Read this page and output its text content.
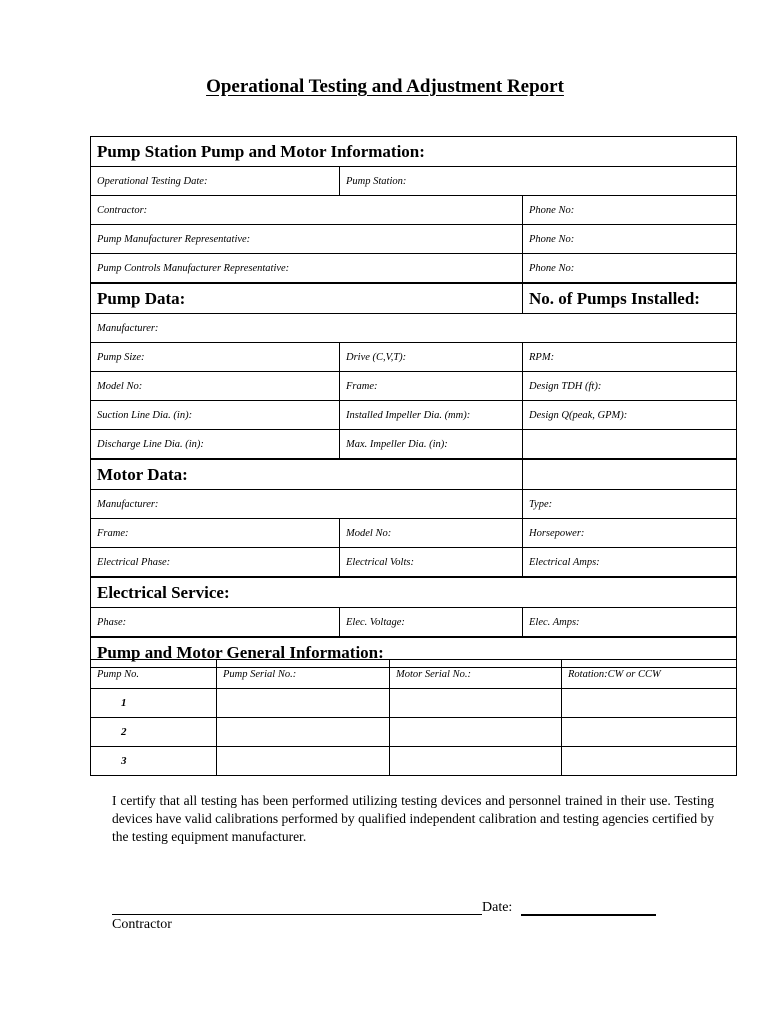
Operational Testing and Adjustment Report
Pump Station Pump and Motor Information:		
Operational Testing Date:	Pump Station:	
Contractor:		Phone No:
Pump Manufacturer Representative:		Phone No:
Pump Controls Manufacturer Representative:		Phone No:
Pump Data:		No. of Pumps Installed:
Manufacturer:		
Pump Size:	Drive (C,V,T):	RPM:
Model No:	Frame:	Design TDH (ft):
Suction Line Dia. (in):	Installed Impeller Dia. (mm):	Design Q(peak, GPM):
Discharge Line Dia. (in):	Max. Impeller Dia. (in):	
Motor Data:		
Manufacturer:		Type:
Frame:	Model No:	Horsepower:
Electrical Phase:	Electrical Volts:	Electrical Amps:
Electrical Service:		
Phase:	Elec. Voltage:	Elec. Amps:
Pump and Motor General Information:		
Pump No.	Pump Serial No.:	Motor Serial No.:	Rotation:CW or CCW
1			
2			
3			
I certify that all testing has been performed utilizing testing devices and personnel trained in their use. Testing devices have valid calibrations performed by qualified independent calibration and testing agencies certified by the testing equipment manufacturer.
Date:
Contractor
